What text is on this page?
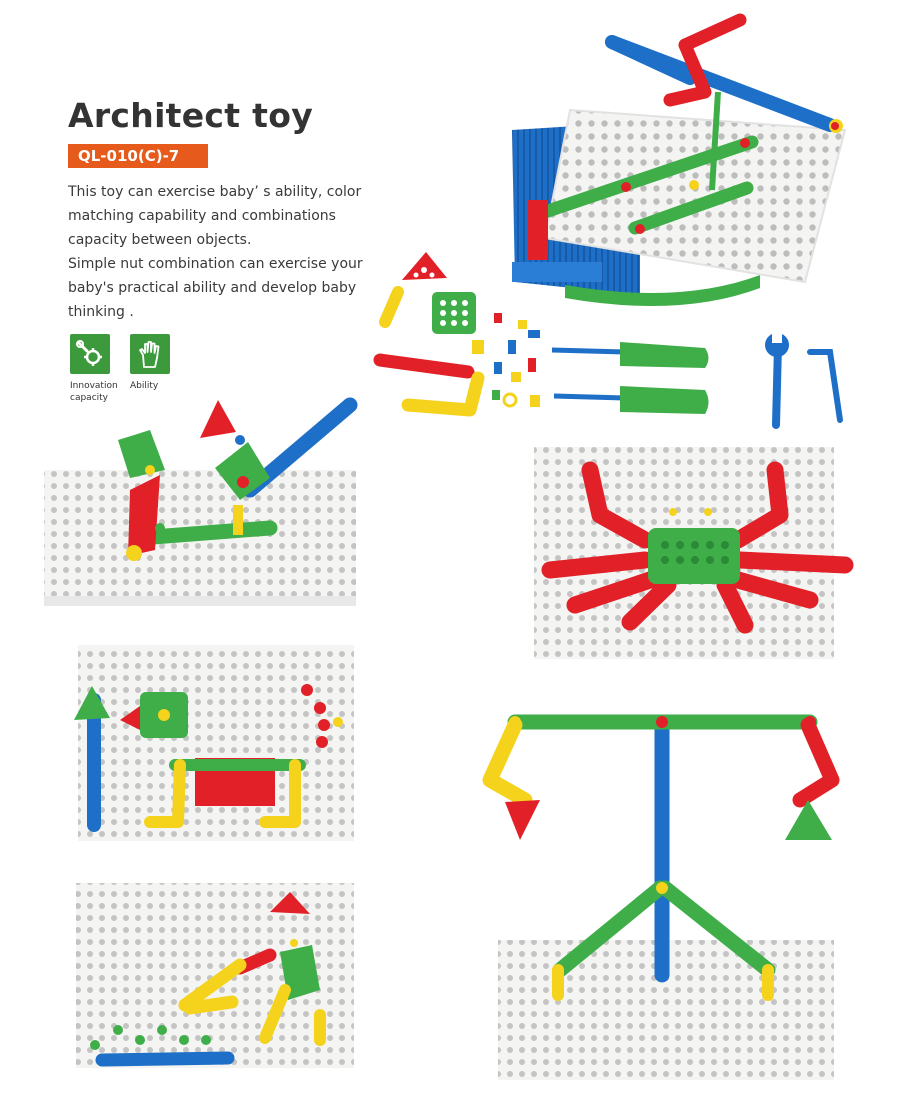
Architect toy
QL-010(C)-7

This toy can exercise baby’ s ability, color matching capability and combinations capacity between objects.

Simple nut combination can exercise your baby's practical ability and develop baby thinking .

Innovation capacity
Ability
